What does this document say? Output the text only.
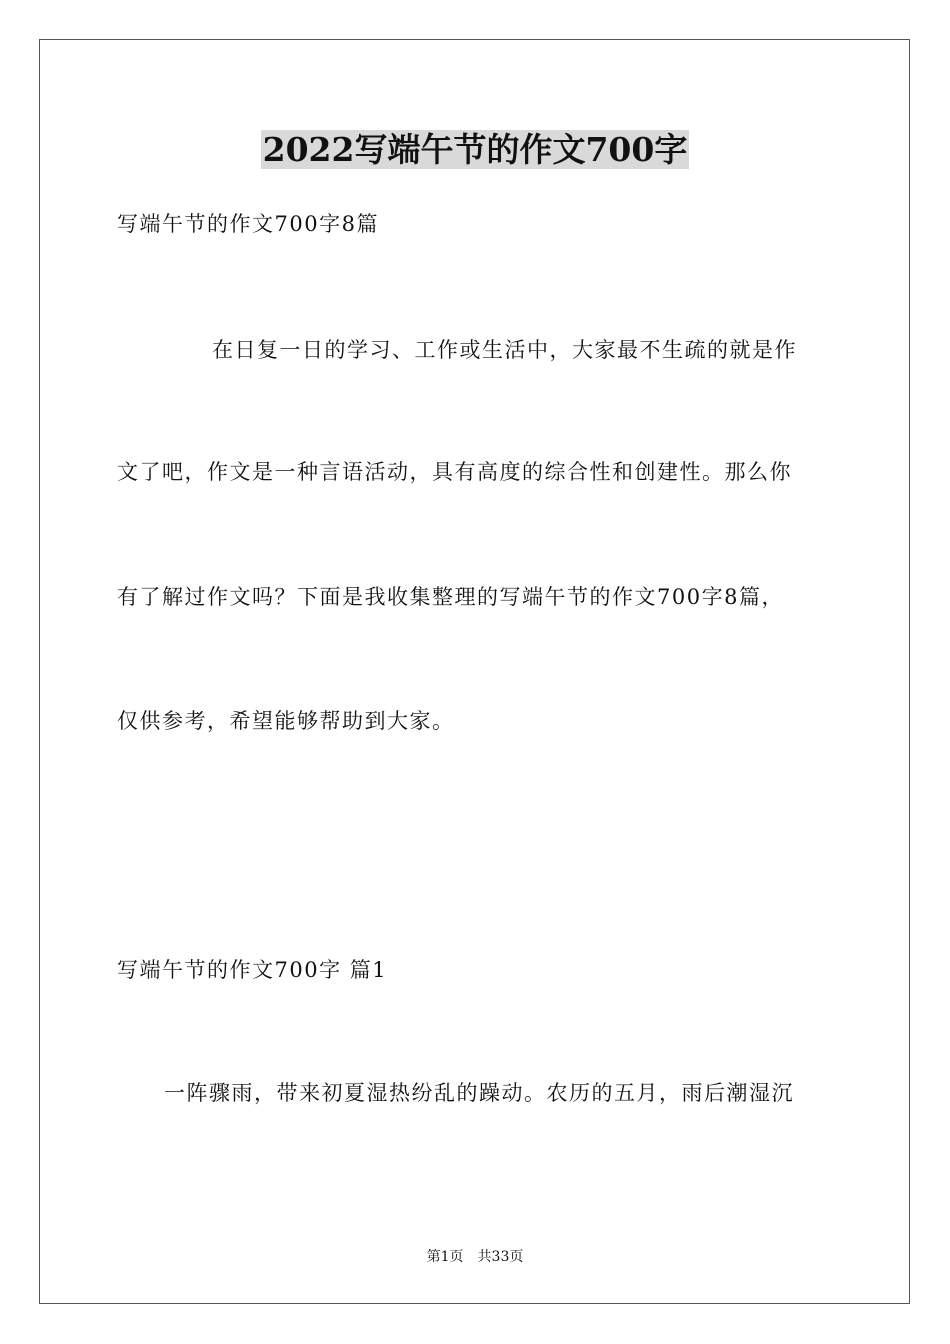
2022写端午节的作文700字
写端午节的作文700字8篇
在日复一日的学习、工作或生活中，大家最不生疏的就是作
文了吧，作文是一种言语活动，具有高度的综合性和创建性。那么你
有了解过作文吗？下面是我收集整理的写端午节的作文700字8篇，
仅供参考，希望能够帮助到大家。
写端午节的作文700字 篇1
一阵骤雨，带来初夏湿热纷乱的躁动。农历的五月，雨后潮湿沉
第1页　共33页
